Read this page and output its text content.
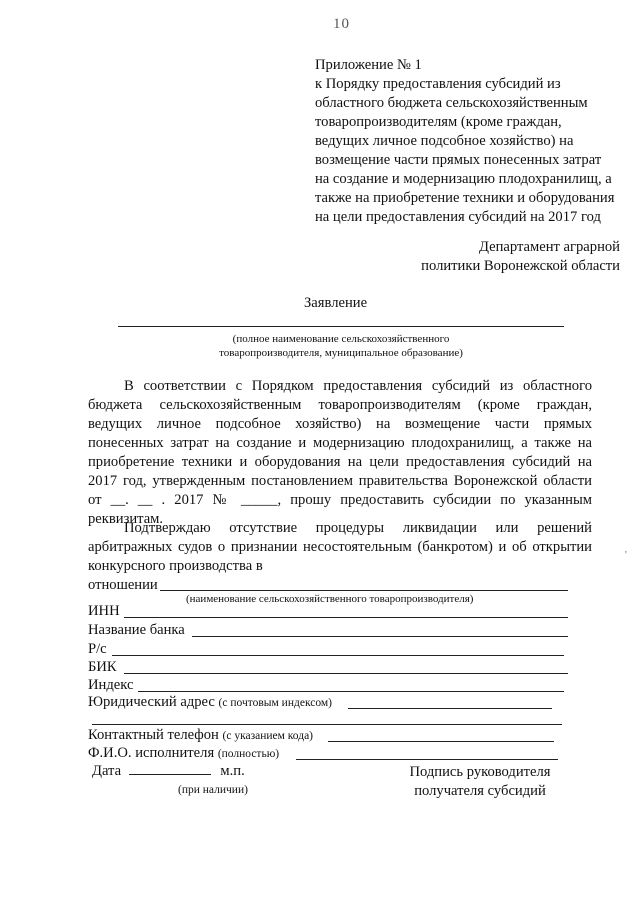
10
Приложение № 1
к Порядку предоставления субсидий из областного бюджета сельскохозяйственным товаропроизводителям (кроме граждан, ведущих личное подсобное хозяйство) на возмещение части прямых понесенных затрат на создание и модернизацию плодохранилищ, а также на приобретение техники и оборудования на цели предоставления субсидий на 2017 год
Департамент аграрной
политики Воронежской области
Заявление
(полное наименование сельскохозяйственного
товаропроизводителя, муниципальное образование)
В соответствии с Порядком предоставления субсидий из областного бюджета сельскохозяйственным товаропроизводителям (кроме граждан, ведущих личное подсобное хозяйство) на возмещение части прямых понесенных затрат на создание и модернизацию плодохранилищ, а также на приобретение техники и оборудования на цели предоставления субсидий на 2017 год, утвержденным постановлением правительства Воронежской области от __. __ . 2017 № _____, прошу предоставить субсидии по указанным реквизитам.
Подтверждаю отсутствие процедуры ликвидации или решений арбитражных судов о признании несостоятельным (банкротом) и об открытии конкурсного производства в
отношении
(наименование сельскохозяйственного товаропроизводителя)
ИНН
Название банка
Р/с
БИК
Индекс
Юридический адрес (с почтовым индексом)
Контактный телефон (с указанием кода)
Ф.И.О. исполнителя (полностью)
Дата	м.п.
(при наличии)
Подпись руководителя
получателя субсидий
'
